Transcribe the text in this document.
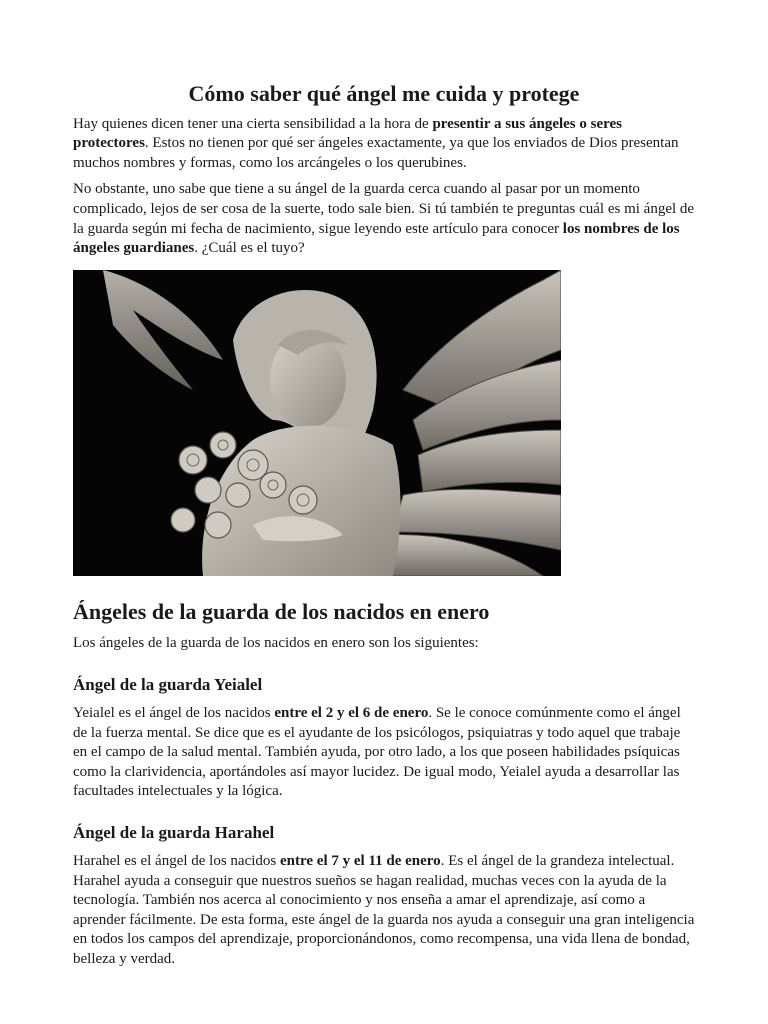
Cómo saber qué ángel me cuida y protege

Hay quienes dicen tener una cierta sensibilidad a la hora de presentir a sus ángeles o seres protectores. Estos no tienen por qué ser ángeles exactamente, ya que los enviados de Dios presentan muchos nombres y formas, como los arcángeles o los querubines.

No obstante, uno sabe que tiene a su ángel de la guarda cerca cuando al pasar por un momento complicado, lejos de ser cosa de la suerte, todo sale bien. Si tú también te preguntas cuál es mi ángel de la guarda según mi fecha de nacimiento, sigue leyendo este artículo para conocer los nombres de los ángeles guardianes. ¿Cuál es el tuyo?

Ángeles de la guarda de los nacidos en enero

Los ángeles de la guarda de los nacidos en enero son los siguientes:

Ángel de la guarda Yeialel

Yeialel es el ángel de los nacidos entre el 2 y el 6 de enero. Se le conoce comúnmente como el ángel de la fuerza mental. Se dice que es el ayudante de los psicólogos, psiquiatras y todo aquel que trabaje en el campo de la salud mental. También ayuda, por otro lado, a los que poseen habilidades psíquicas como la clarividencia, aportándoles así mayor lucidez. De igual modo, Yeialel ayuda a desarrollar las facultades intelectuales y la lógica.

Ángel de la guarda Harahel

Harahel es el ángel de los nacidos entre el 7 y el 11 de enero. Es el ángel de la grandeza intelectual. Harahel ayuda a conseguir que nuestros sueños se hagan realidad, muchas veces con la ayuda de la tecnología. También nos acerca al conocimiento y nos enseña a amar el aprendizaje, así como a aprender fácilmente. De esta forma, este ángel de la guarda nos ayuda a conseguir una gran inteligencia en todos los campos del aprendizaje, proporcionándonos, como recompensa, una vida llena de bondad, belleza y verdad.
